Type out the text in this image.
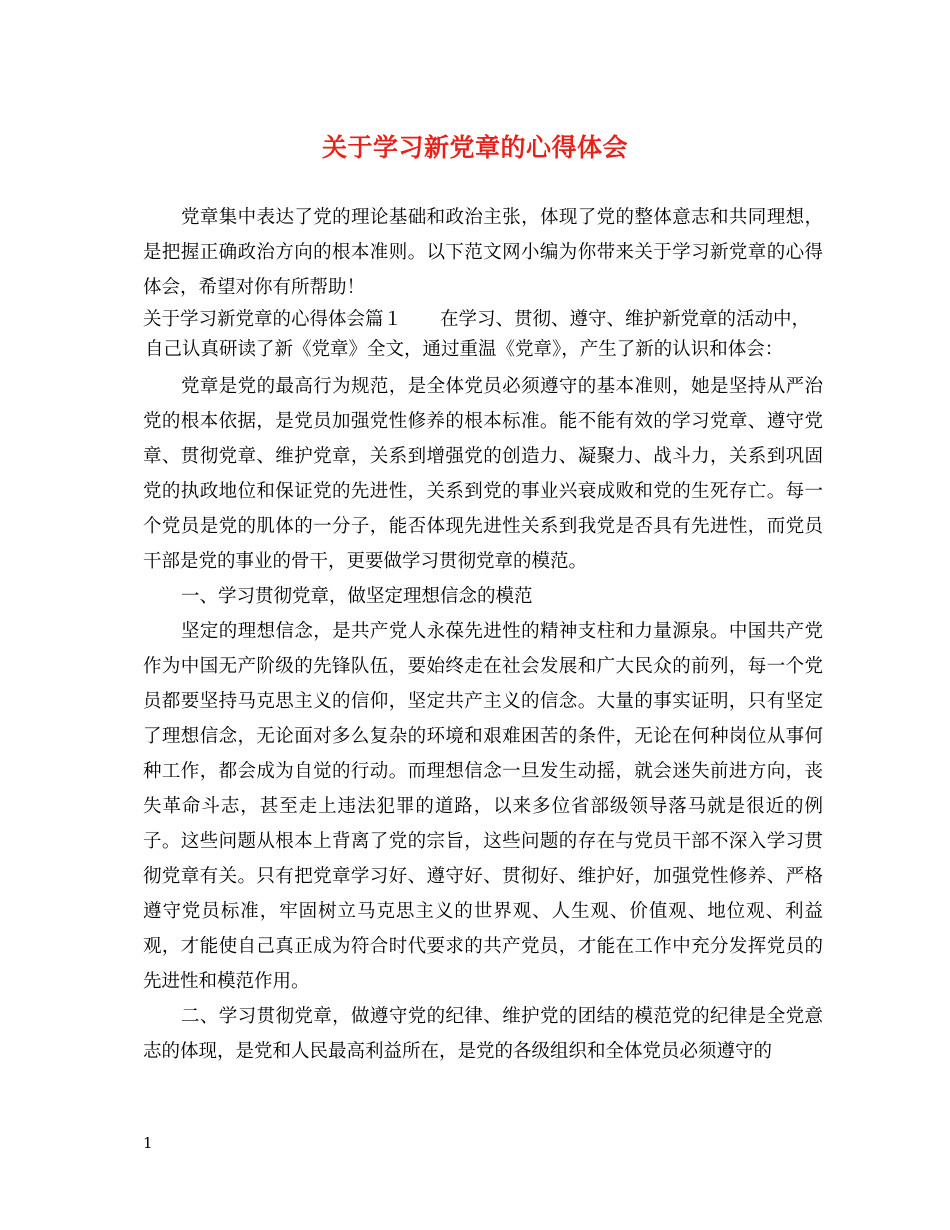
关于学习新党章的心得体会

党章集中表达了党的理论基础和政治主张，体现了党的整体意志和共同理想，是把握正确政治方向的根本准则。以下范文网小编为你带来关于学习新党章的心得体会，希望对你有所帮助！

关于学习新党章的心得体会篇１ 在学习、贯彻、遵守、维护新党章的活动中，
自己认真研读了新《党章》全文，通过重温《党章》，产生了新的认识和体会：

党章是党的最高行为规范，是全体党员必须遵守的基本准则，她是坚持从严治党的根本依据，是党员加强党性修养的根本标准。能不能有效的学习党章、遵守党章、贯彻党章、维护党章，关系到增强党的创造力、凝聚力、战斗力，关系到巩固党的执政地位和保证党的先进性，关系到党的事业兴衰成败和党的生死存亡。每一个党员是党的肌体的一分子，能否体现先进性关系到我党是否具有先进性，而党员干部是党的事业的骨干，更要做学习贯彻党章的模范。

一、学习贯彻党章，做坚定理想信念的模范

坚定的理想信念，是共产党人永葆先进性的精神支柱和力量源泉。中国共产党作为中国无产阶级的先锋队伍，要始终走在社会发展和广大民众的前列，每一个党员都要坚持马克思主义的信仰，坚定共产主义的信念。大量的事实证明，只有坚定了理想信念，无论面对多么复杂的环境和艰难困苦的条件，无论在何种岗位从事何种工作，都会成为自觉的行动。而理想信念一旦发生动摇，就会迷失前进方向，丧失革命斗志，甚至走上违法犯罪的道路，以来多位省部级领导落马就是很近的例子。这些问题从根本上背离了党的宗旨，这些问题的存在与党员干部不深入学习贯彻党章有关。只有把党章学习好、遵守好、贯彻好、维护好，加强党性修养、严格遵守党员标准，牢固树立马克思主义的世界观、人生观、价值观、地位观、利益观，才能使自己真正成为符合时代要求的共产党员，才能在工作中充分发挥党员的先进性和模范作用。

二、学习贯彻党章，做遵守党的纪律、维护党的团结的模范党的纪律是全党意志的体现，是党和人民最高利益所在，是党的各级组织和全体党员必须遵守的

1
